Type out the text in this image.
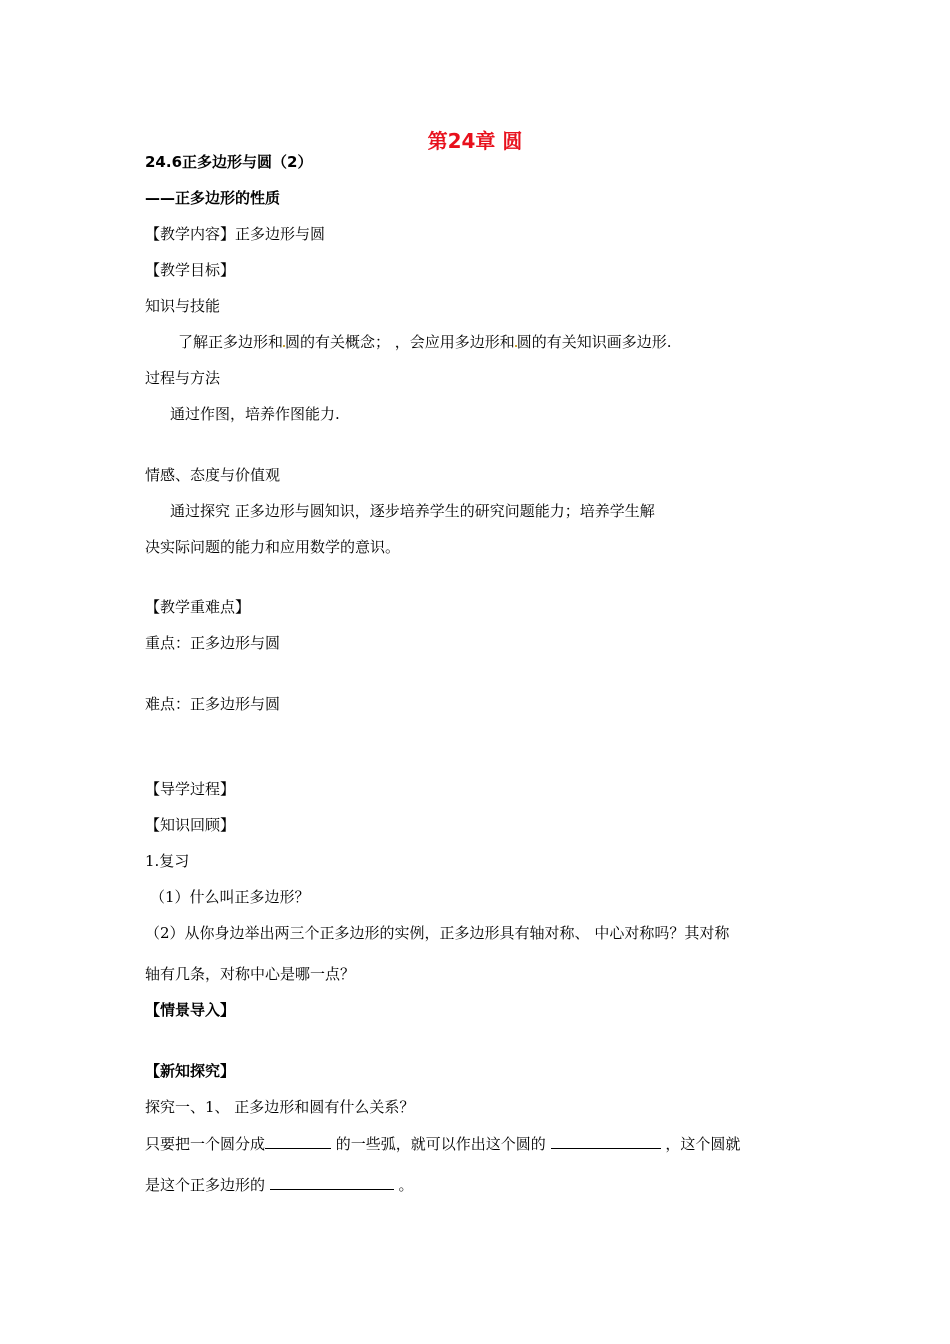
第24章 圆
24.6正多边形与圆（2）
——正多边形的性质
【教学内容】正多边形与圆
【教学目标】
知识与技能
了解正多边形和 圆的有关概念； ，会应用多边形和 圆的有关知识画多边形.
过程与方法
通过作图，培养作图能力.
情感、态度与价值观
通过探究 正多边形与圆知识，逐步培养学生的研究问题能力；培养学生解
决实际问题的能力和应用数学的意识。
【教学重难点】
重点：正多边形与圆
难点：正多边形与圆
【导学过程】
【知识回顾】
1.复习
（1）什么叫正多边形？
（2）从你身边举出两三个正多边形的实例，正多边形具有轴对称、 中心对称吗？其对称
轴有几条，对称中心是哪一点？
【情景导入】
【新知探究】
探究一、1、 正多边形和圆有什么关系？
只要把一个圆分成	的一些弧，就可以作出这个圆的	，这个圆就
是这个正多边形的	。
